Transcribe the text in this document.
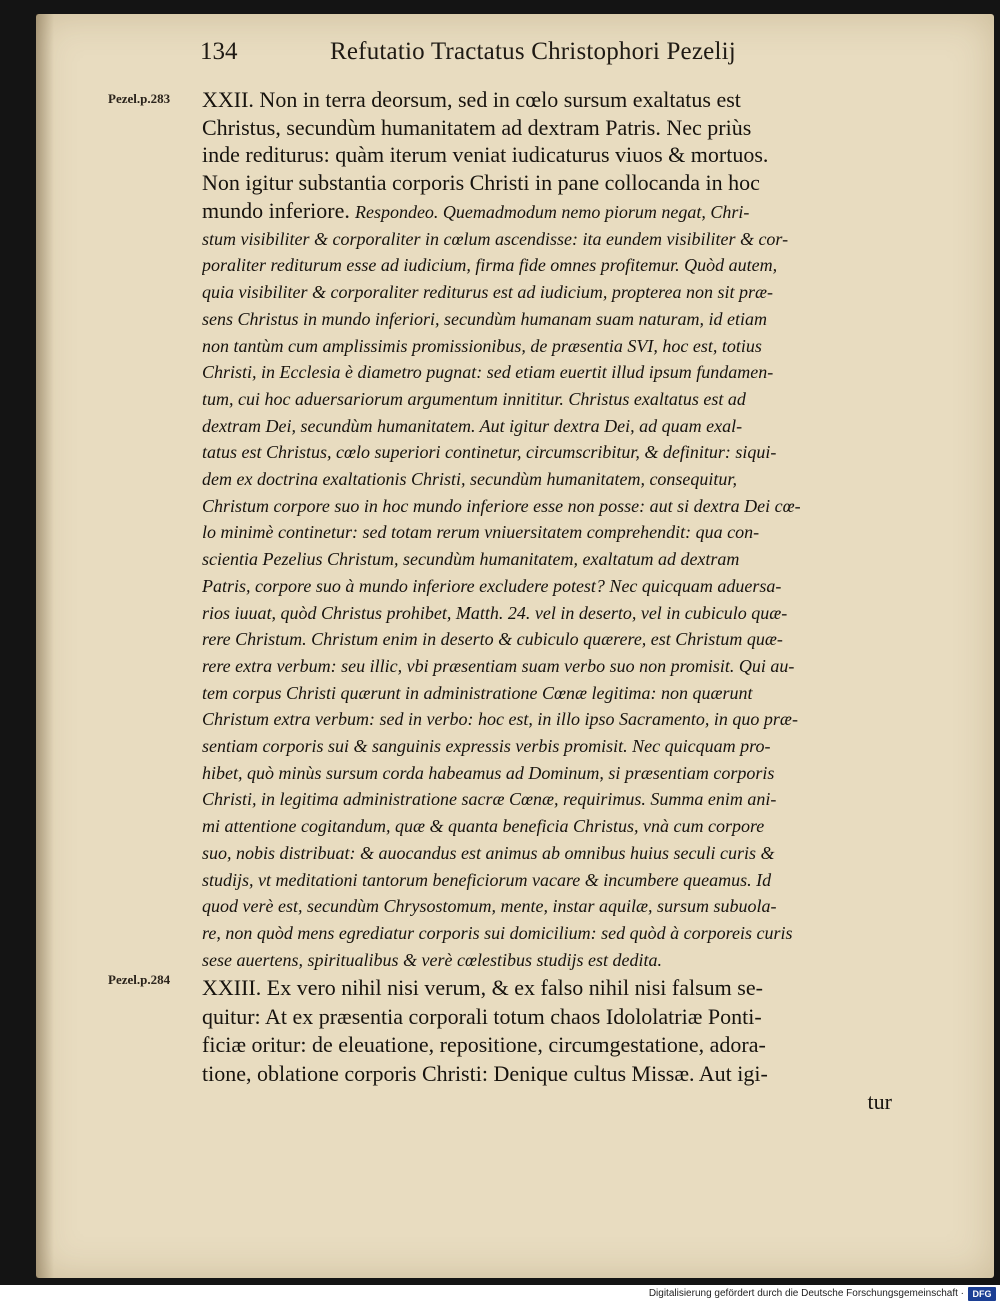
134	Refutatio Tractatus Christophori Pezelij
Pezel.p.283
Pezel.p.284
XXII. Non in terra deorsum, sed in cœlo sursum exaltatus est
Christus, secundùm humanitatem ad dextram Patris. Nec priùs
inde rediturus: quàm iterum veniat iudicaturus viuos & mortuos.
Non igitur substantia corporis Christi in pane collocanda in hoc
mundo inferiore. Respondeo. Quemadmodum nemo piorum negat, Chri-
stum visibiliter & corporaliter in cœlum ascendisse: ita eundem visibiliter & cor-
poraliter rediturum esse ad iudicium, firma fide omnes profitemur. Quòd autem,
quia visibiliter & corporaliter rediturus est ad iudicium, propterea non sit præ-
sens Christus in mundo inferiori, secundùm humanam suam naturam, id etiam
non tantùm cum amplissimis promissionibus, de præsentia SVI, hoc est, totius
Christi, in Ecclesia è diametro pugnat: sed etiam euertit illud ipsum fundamen-
tum, cui hoc aduersariorum argumentum innititur. Christus exaltatus est ad
dextram Dei, secundùm humanitatem. Aut igitur dextra Dei, ad quam exal-
tatus est Christus, cœlo superiori continetur, circumscribitur, & definitur: siqui-
dem ex doctrina exaltationis Christi, secundùm humanitatem, consequitur,
Christum corpore suo in hoc mundo inferiore esse non posse: aut si dextra Dei cœ-
lo minimè continetur: sed totam rerum vniuersitatem comprehendit: qua con-
scientia Pezelius Christum, secundùm humanitatem, exaltatum ad dextram
Patris, corpore suo à mundo inferiore excludere potest? Nec quicquam aduersa-
rios iuuat, quòd Christus prohibet, Matth. 24. vel in deserto, vel in cubiculo quæ-
rere Christum. Christum enim in deserto & cubiculo quærere, est Christum quæ-
rere extra verbum: seu illic, vbi præsentiam suam verbo suo non promisit. Qui au-
tem corpus Christi quærunt in administratione Cœnæ legitima: non quærunt
Christum extra verbum: sed in verbo: hoc est, in illo ipso Sacramento, in quo præ-
sentiam corporis sui & sanguinis expressis verbis promisit. Nec quicquam pro-
hibet, quò minùs sursum corda habeamus ad Dominum, si præsentiam corporis
Christi, in legitima administratione sacræ Cœnæ, requirimus. Summa enim ani-
mi attentione cogitandum, quæ & quanta beneficia Christus, vnà cum corpore
suo, nobis distribuat: & auocandus est animus ab omnibus huius seculi curis &
studijs, vt meditationi tantorum beneficiorum vacare & incumbere queamus. Id
quod verè est, secundùm Chrysostomum, mente, instar aquilæ, sursum subuola-
re, non quòd mens egrediatur corporis sui domicilium: sed quòd à corporeis curis
sese auertens, spiritualibus & verè cœlestibus studijs est dedita.
XXIII. Ex vero nihil nisi verum, & ex falso nihil nisi falsum se-
quitur: At ex præsentia corporali totum chaos Idololatriæ Ponti-
ficiæ oritur: de eleuatione, repositione, circumgestatione, adora-
tione, oblatione corporis Christi: Denique cultus Missæ. Aut igi-
tur
Digitalisierung gefördert durch die Deutsche Forschungsgemeinschaft · DFG
